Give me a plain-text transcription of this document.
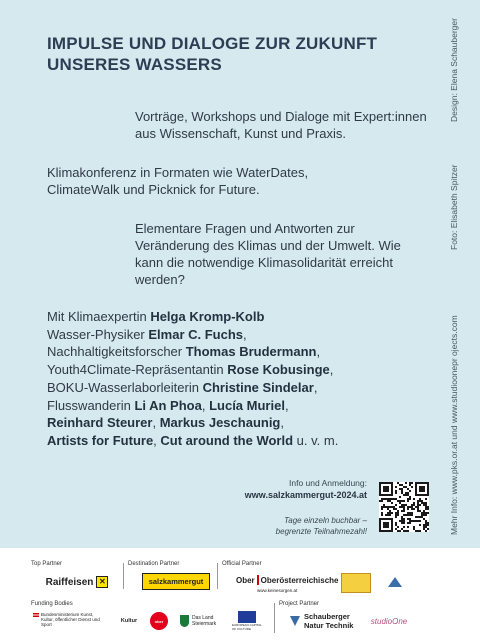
IMPULSE UND DIALOGE ZUR ZUKUNFT UNSERES WASSERS

Vorträge, Workshops und Dialoge mit Expert:innen aus Wissenschaft, Kunst und Praxis.

Klimakonferenz in Formaten wie WaterDates, ClimateWalk und Picknick for Future.

Elementare Fragen und Antworten zur Veränderung des Klimas und der Umwelt. Wie kann die notwendige Klimasolidarität erreicht werden?

Mit Klimaexpertin Helga Kromp-Kolb
Wasser-Physiker Elmar C. Fuchs,
Nachhaltigkeitsforscher Thomas Brudermann,
Youth4Climate-Repräsentantin Rose Kobusinge,
BOKU-Wasserlaborleiterin Christine Sindelar,
Flusswanderin Li An Phoa, Lucía Muriel,
Reinhard Steurer, Markus Jeschaunig,
Artists for Future, Cut around the World u. v. m.
Design: Elena Schauberger
Foto: Elisabeth Spitzer
Mehr Info: www.pks.or.at und www.studioonepr ojects.com
Info und Anmeldung:
www.salzkammergut-2024.at
Tage einzeln buchbar –
begrenzte Teilnahmezahl!
Top Partner	Destination Partner	Official Partner
Funding Bodies	Project Partner
Raiffeisen ✕	salzkammergut	Ober Oberösterreichische
www.keinesorgen.at
Bundesministerium Kunst, Kultur, öffentlicher Dienst und Sport
Kultur	ober	Das Land Steiermark	EUROPEAN CAPITAL OF CULTURE
Schauberger Natur Technik	studioOne
